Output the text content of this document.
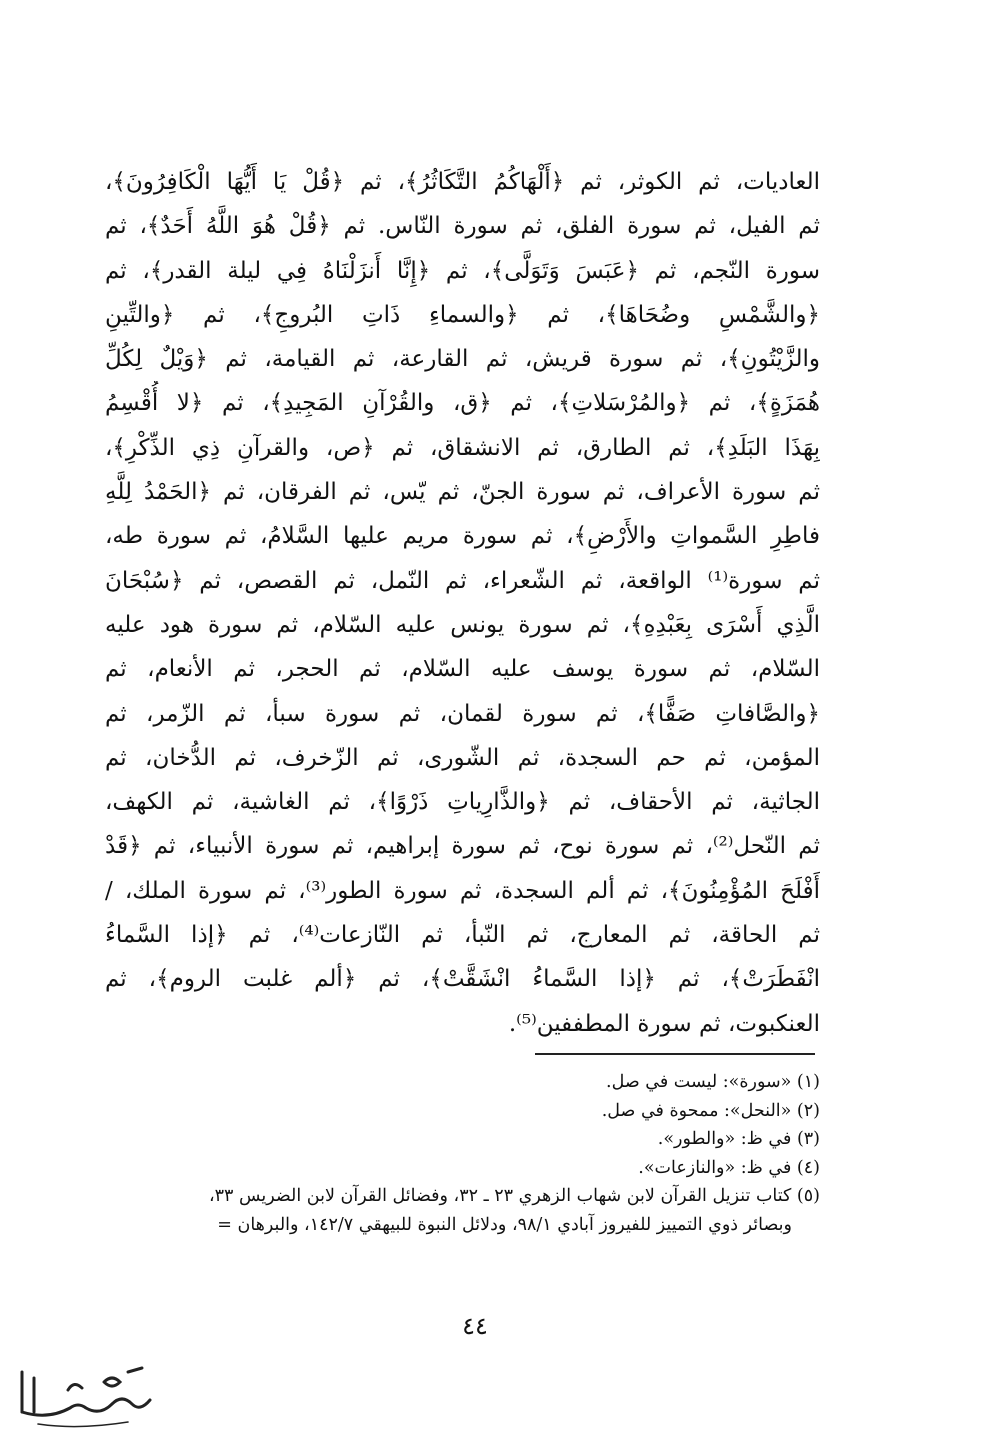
العاديات، ثم الكوثر، ثم ﴿أَلْهَاكُمُ التَّكَاثُرُ﴾، ثم ﴿قُلْ يَا أَيُّهَا الْكَافِرُونَ﴾،
ثم الفيل، ثم سورة الفلق، ثم سورة النّاس. ثم ﴿قُلْ هُوَ اللَّهُ أَحَدٌ﴾، ثم
سورة النّجم، ثم ﴿عَبَسَ وَتَوَلَّى﴾، ثم ﴿إِنَّا أَنزَلْنَاهُ فِي ليلة القدر﴾، ثم
﴿والشَّمْسِ وضُحَاهَا﴾، ثم ﴿والسماءِ ذَاتِ البُروجِ﴾، ثم ﴿والتِّينِ
والزَّيْتُونِ﴾، ثم سورة قريش، ثم القارعة، ثم القيامة، ثم ﴿وَيْلٌ لِكُلِّ
هُمَزَةٍ﴾، ثم ﴿والمُرْسَلاتِ﴾، ثم ﴿ق، والقُرْآنِ المَجِيدِ﴾، ثم ﴿لا أُقْسِمُ
بِهَذَا البَلَدِ﴾، ثم الطارق، ثم الانشقاق، ثم ﴿ص، والقرآنِ ذِي الذِّكْرِ﴾،
ثم سورة الأعراف، ثم سورة الجنّ، ثم يّس، ثم الفرقان، ثم ﴿الحَمْدُ لِلَّهِ
فاطِرِ السَّمواتِ والأَرْضِ﴾، ثم سورة مريم عليها السَّلامُ، ثم سورة طه،
ثم سورة⁽¹⁾ الواقعة، ثم الشّعراء، ثم النّمل، ثم القصص، ثم ﴿سُبْحَانَ
الَّذِي أَسْرَى بِعَبْدِهِ﴾، ثم سورة يونس عليه السّلام، ثم سورة هود عليه
السّلام، ثم سورة يوسف عليه السّلام، ثم الحجر، ثم الأنعام، ثم
﴿والصَّافاتِ صَفًّا﴾، ثم سورة لقمان، ثم سورة سبأ، ثم الزّمر، ثم
المؤمن، ثم حم السجدة، ثم الشّورى، ثم الزّخرف، ثم الدُّخان، ثم
الجاثية، ثم الأحقاف، ثم ﴿والذَّارِياتِ ذَرْوًا﴾، ثم الغاشية، ثم الكهف،
ثم النّحل⁽²⁾، ثم سورة نوح، ثم سورة إبراهيم، ثم سورة الأنبياء، ثم ﴿قَدْ
أَفْلَحَ المُؤْمِنُونَ﴾، ثم ألم السجدة، ثم سورة الطور⁽³⁾، ثم سورة الملك، /
ثم الحاقة، ثم المعارج، ثم النّبأ، ثم النّازعات⁽⁴⁾، ثم ﴿إذا السَّماءُ
انْفَطَرَتْ﴾، ثم ﴿إذا السَّماءُ انْشَقَّتْ﴾، ثم ﴿ألم غلبت الروم﴾، ثم
العنكبوت، ثم سورة المطففين⁽⁵⁾.
(١) «سورة»: ليست في صل.
(٢) «النحل»: ممحوة في صل.
(٣) في ظ: «والطور».
(٤) في ظ: «والنازعات».
(٥) كتاب تنزيل القرآن لابن شهاب الزهري ٢٣ ـ ٣٢، وفضائل القرآن لابن الضريس ٣٣،
وبصائر ذوي التمييز للفيروز آبادي ٩٨/١، ودلائل النبوة للبيهقي ١٤٢/٧، والبرهان =
٤٤
